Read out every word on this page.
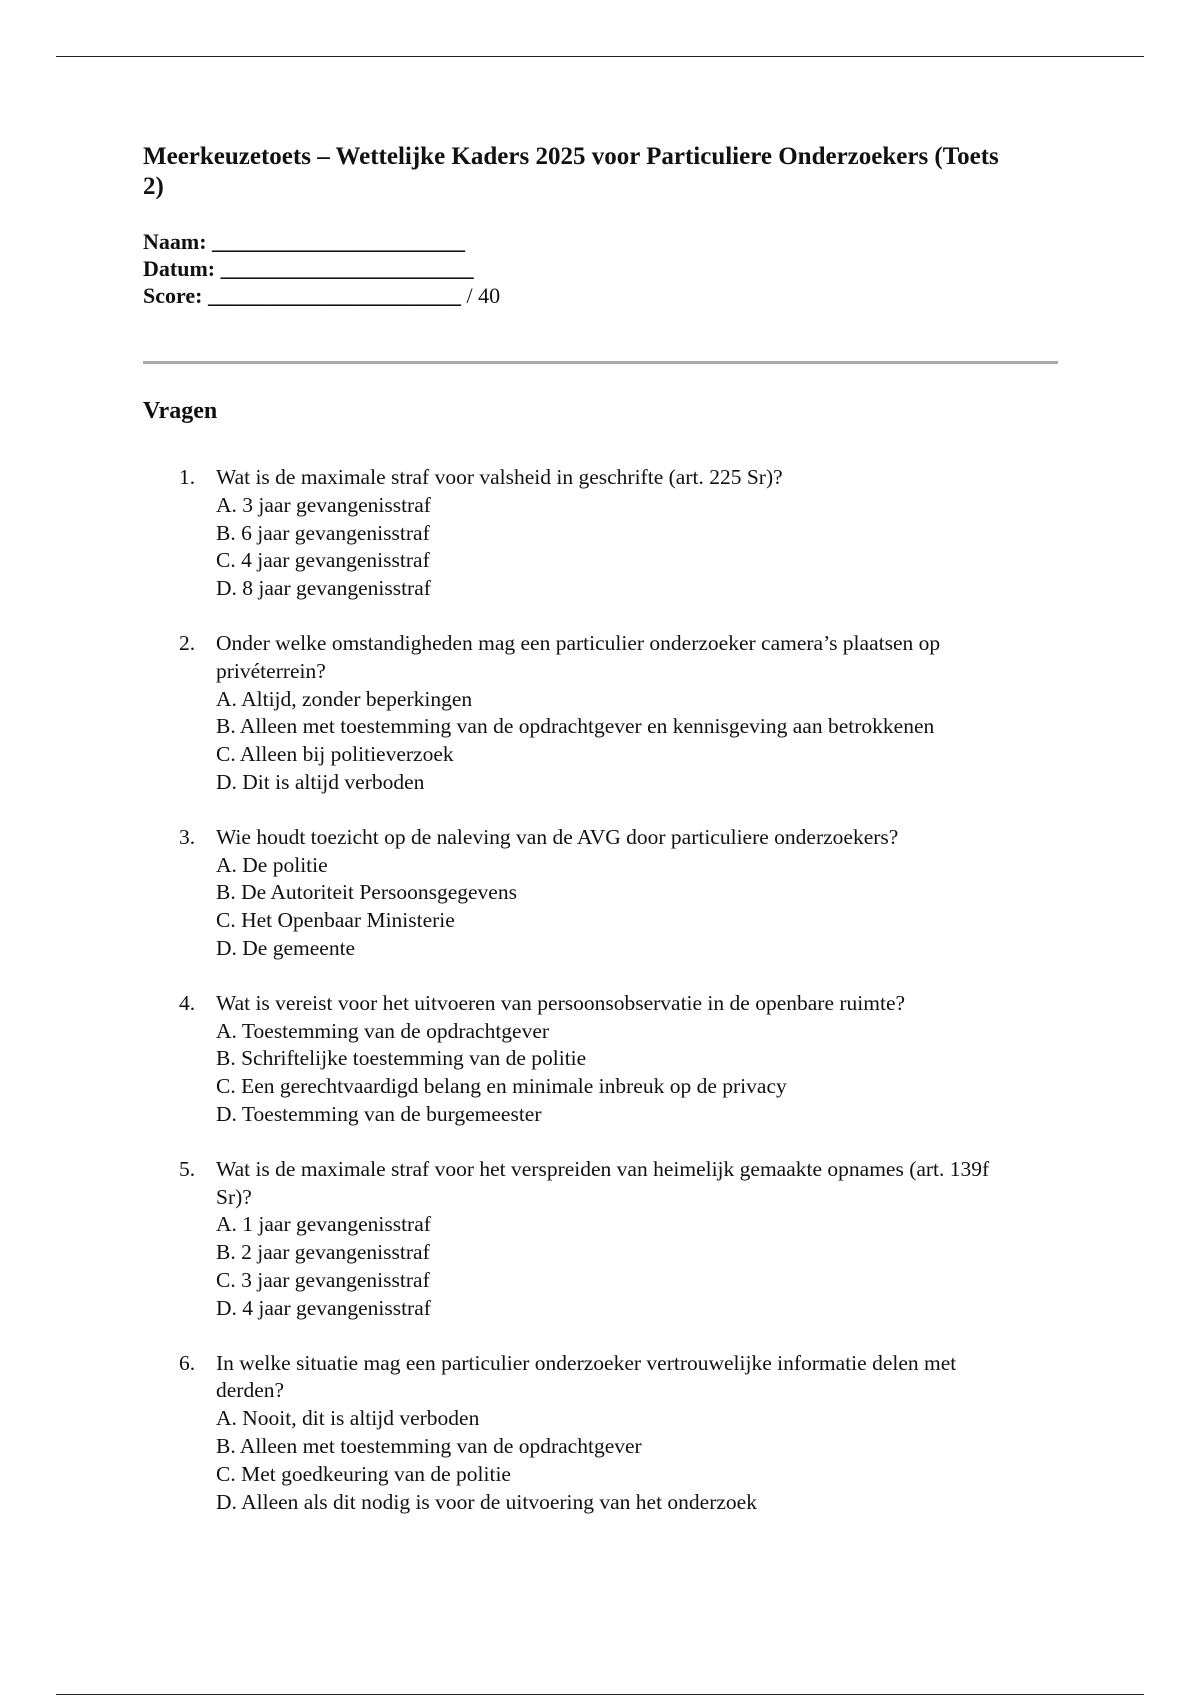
Meerkeuzetoets – Wettelijke Kaders 2025 voor Particuliere Onderzoekers (Toets 2)
Naam: _______________________
Datum: _______________________
Score: _______________________ / 40
Vragen
1. Wat is de maximale straf voor valsheid in geschrifte (art. 225 Sr)?
A. 3 jaar gevangenisstraf
B. 6 jaar gevangenisstraf
C. 4 jaar gevangenisstraf
D. 8 jaar gevangenisstraf
2. Onder welke omstandigheden mag een particulier onderzoeker camera’s plaatsen op privéterrein?
A. Altijd, zonder beperkingen
B. Alleen met toestemming van de opdrachtgever en kennisgeving aan betrokkenen
C. Alleen bij politieverzoek
D. Dit is altijd verboden
3. Wie houdt toezicht op de naleving van de AVG door particuliere onderzoekers?
A. De politie
B. De Autoriteit Persoonsgegevens
C. Het Openbaar Ministerie
D. De gemeente
4. Wat is vereist voor het uitvoeren van persoonsobservatie in de openbare ruimte?
A. Toestemming van de opdrachtgever
B. Schriftelijke toestemming van de politie
C. Een gerechtvaardigd belang en minimale inbreuk op de privacy
D. Toestemming van de burgemeester
5. Wat is de maximale straf voor het verspreiden van heimelijk gemaakte opnames (art. 139f Sr)?
A. 1 jaar gevangenisstraf
B. 2 jaar gevangenisstraf
C. 3 jaar gevangenisstraf
D. 4 jaar gevangenisstraf
6. In welke situatie mag een particulier onderzoeker vertrouwelijke informatie delen met derden?
A. Nooit, dit is altijd verboden
B. Alleen met toestemming van de opdrachtgever
C. Met goedkeuring van de politie
D. Alleen als dit nodig is voor de uitvoering van het onderzoek
